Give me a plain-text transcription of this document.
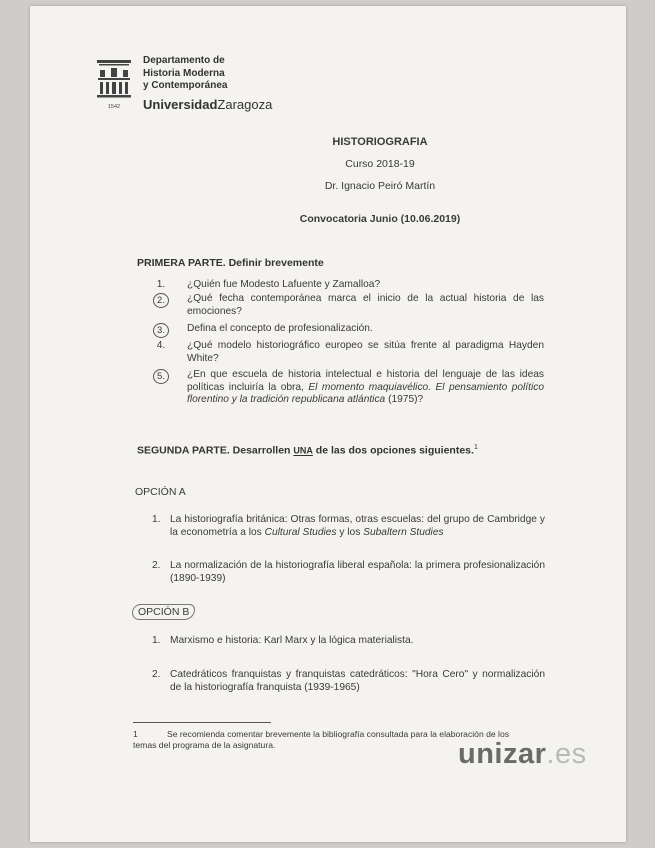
1542
Departamento de
Historia Moderna
y Contemporánea
UniversidadZaragoza
HISTORIOGRAFIA
Curso 2018-19
Dr. Ignacio Peiró Martín
Convocatoria Junio (10.06.2019)
PRIMERA PARTE. Definir brevemente
1.	¿Quién fue Modesto Lafuente y Zamalloa?
2.	¿Qué fecha contemporánea marca el inicio de la actual historia de las emociones?
3.	Defina el concepto de profesionalización.
4.	¿Qué modelo historiográfico europeo se sitúa frente al paradigma Hayden White?
5.	¿En que escuela de historia intelectual e historia del lenguaje de las ideas políticas incluiría la obra, El momento maquiavélico. El pensamiento político florentino y la tradición republicana atlántica (1975)?
SEGUNDA PARTE. Desarrollen UNA de las dos opciones siguientes.$^1$
OPCIÓN A
1. La historiografía británica: Otras formas, otras escuelas: del grupo de Cambridge y la econometría a los Cultural Studies y los Subaltern Studies
2. La normalización de la historiografía liberal española: la primera profesionalización (1890-1939)
OPCIÓN B
1. Marxismo e historia: Karl Marx y la lógica materialista.
2. Catedráticos franquistas y franquistas catedráticos: "Hora Cero" y normalización de la historiografía franquista (1939-1965)
1	Se recomienda comentar brevemente la bibliografía consultada para la elaboración de los temas del programa de la asignatura.	unizar.es
